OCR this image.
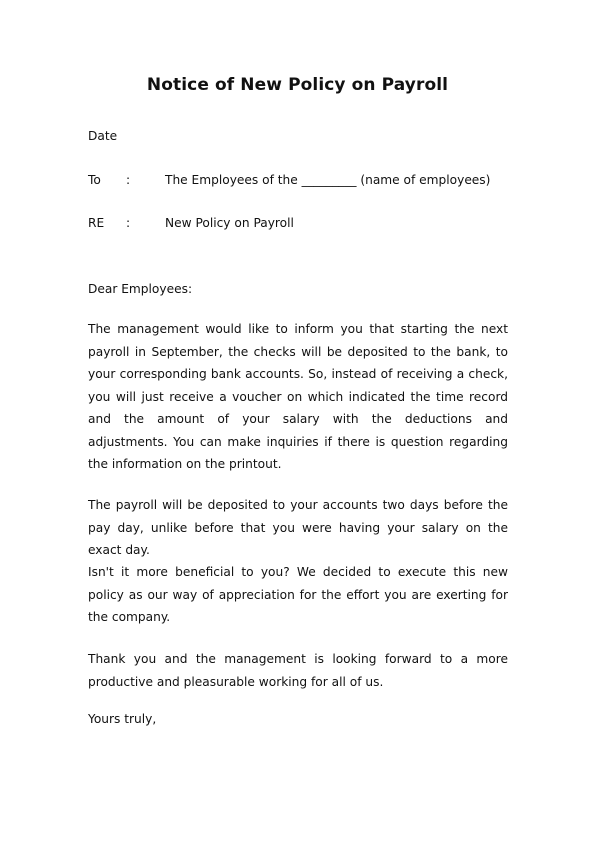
Notice of New Policy on Payroll
Date
To :	The Employees of the _________ (name of employees)
RE :	New Policy on Payroll
Dear Employees:
The management would like to inform you that starting the next payroll in September, the checks will be deposited to the bank, to your corresponding bank accounts. So, instead of receiving a check, you will just receive a voucher on which indicated the time record and the amount of your salary with the deductions and adjustments. You can make inquiries if there is question regarding the information on the printout.
The payroll will be deposited to your accounts two days before the pay day, unlike before that you were having your salary on the exact day.
Isn't it more beneficial to you? We decided to execute this new policy as our way of appreciation for the effort you are exerting for the company.
Thank you and the management is looking forward to a more productive and pleasurable working for all of us.
Yours truly,
